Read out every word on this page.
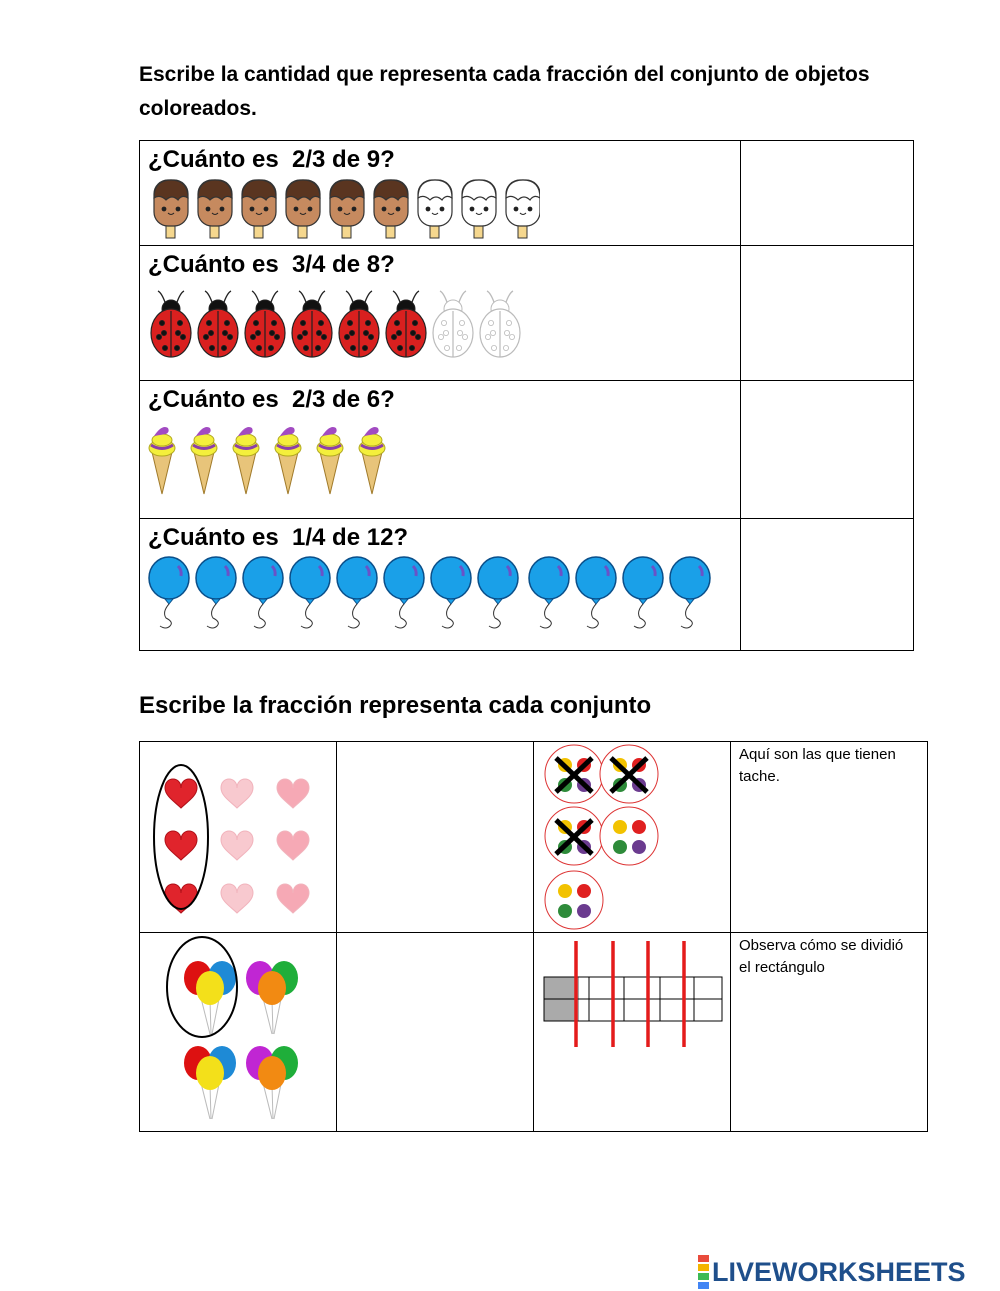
Escribe la cantidad que representa cada fracción del conjunto de objetos coloreados.
¿Cuánto es  2/3 de 9?	

¿Cuánto es  3/4 de 8?	

¿Cuánto es  2/3 de 6?	

¿Cuánto es  1/4 de 12?	

Escribe la fracción representa cada conjunto

Aquí son las que tienen tache.

Observa cómo se dividió el rectángulo
LIVEWORKSHEETS
